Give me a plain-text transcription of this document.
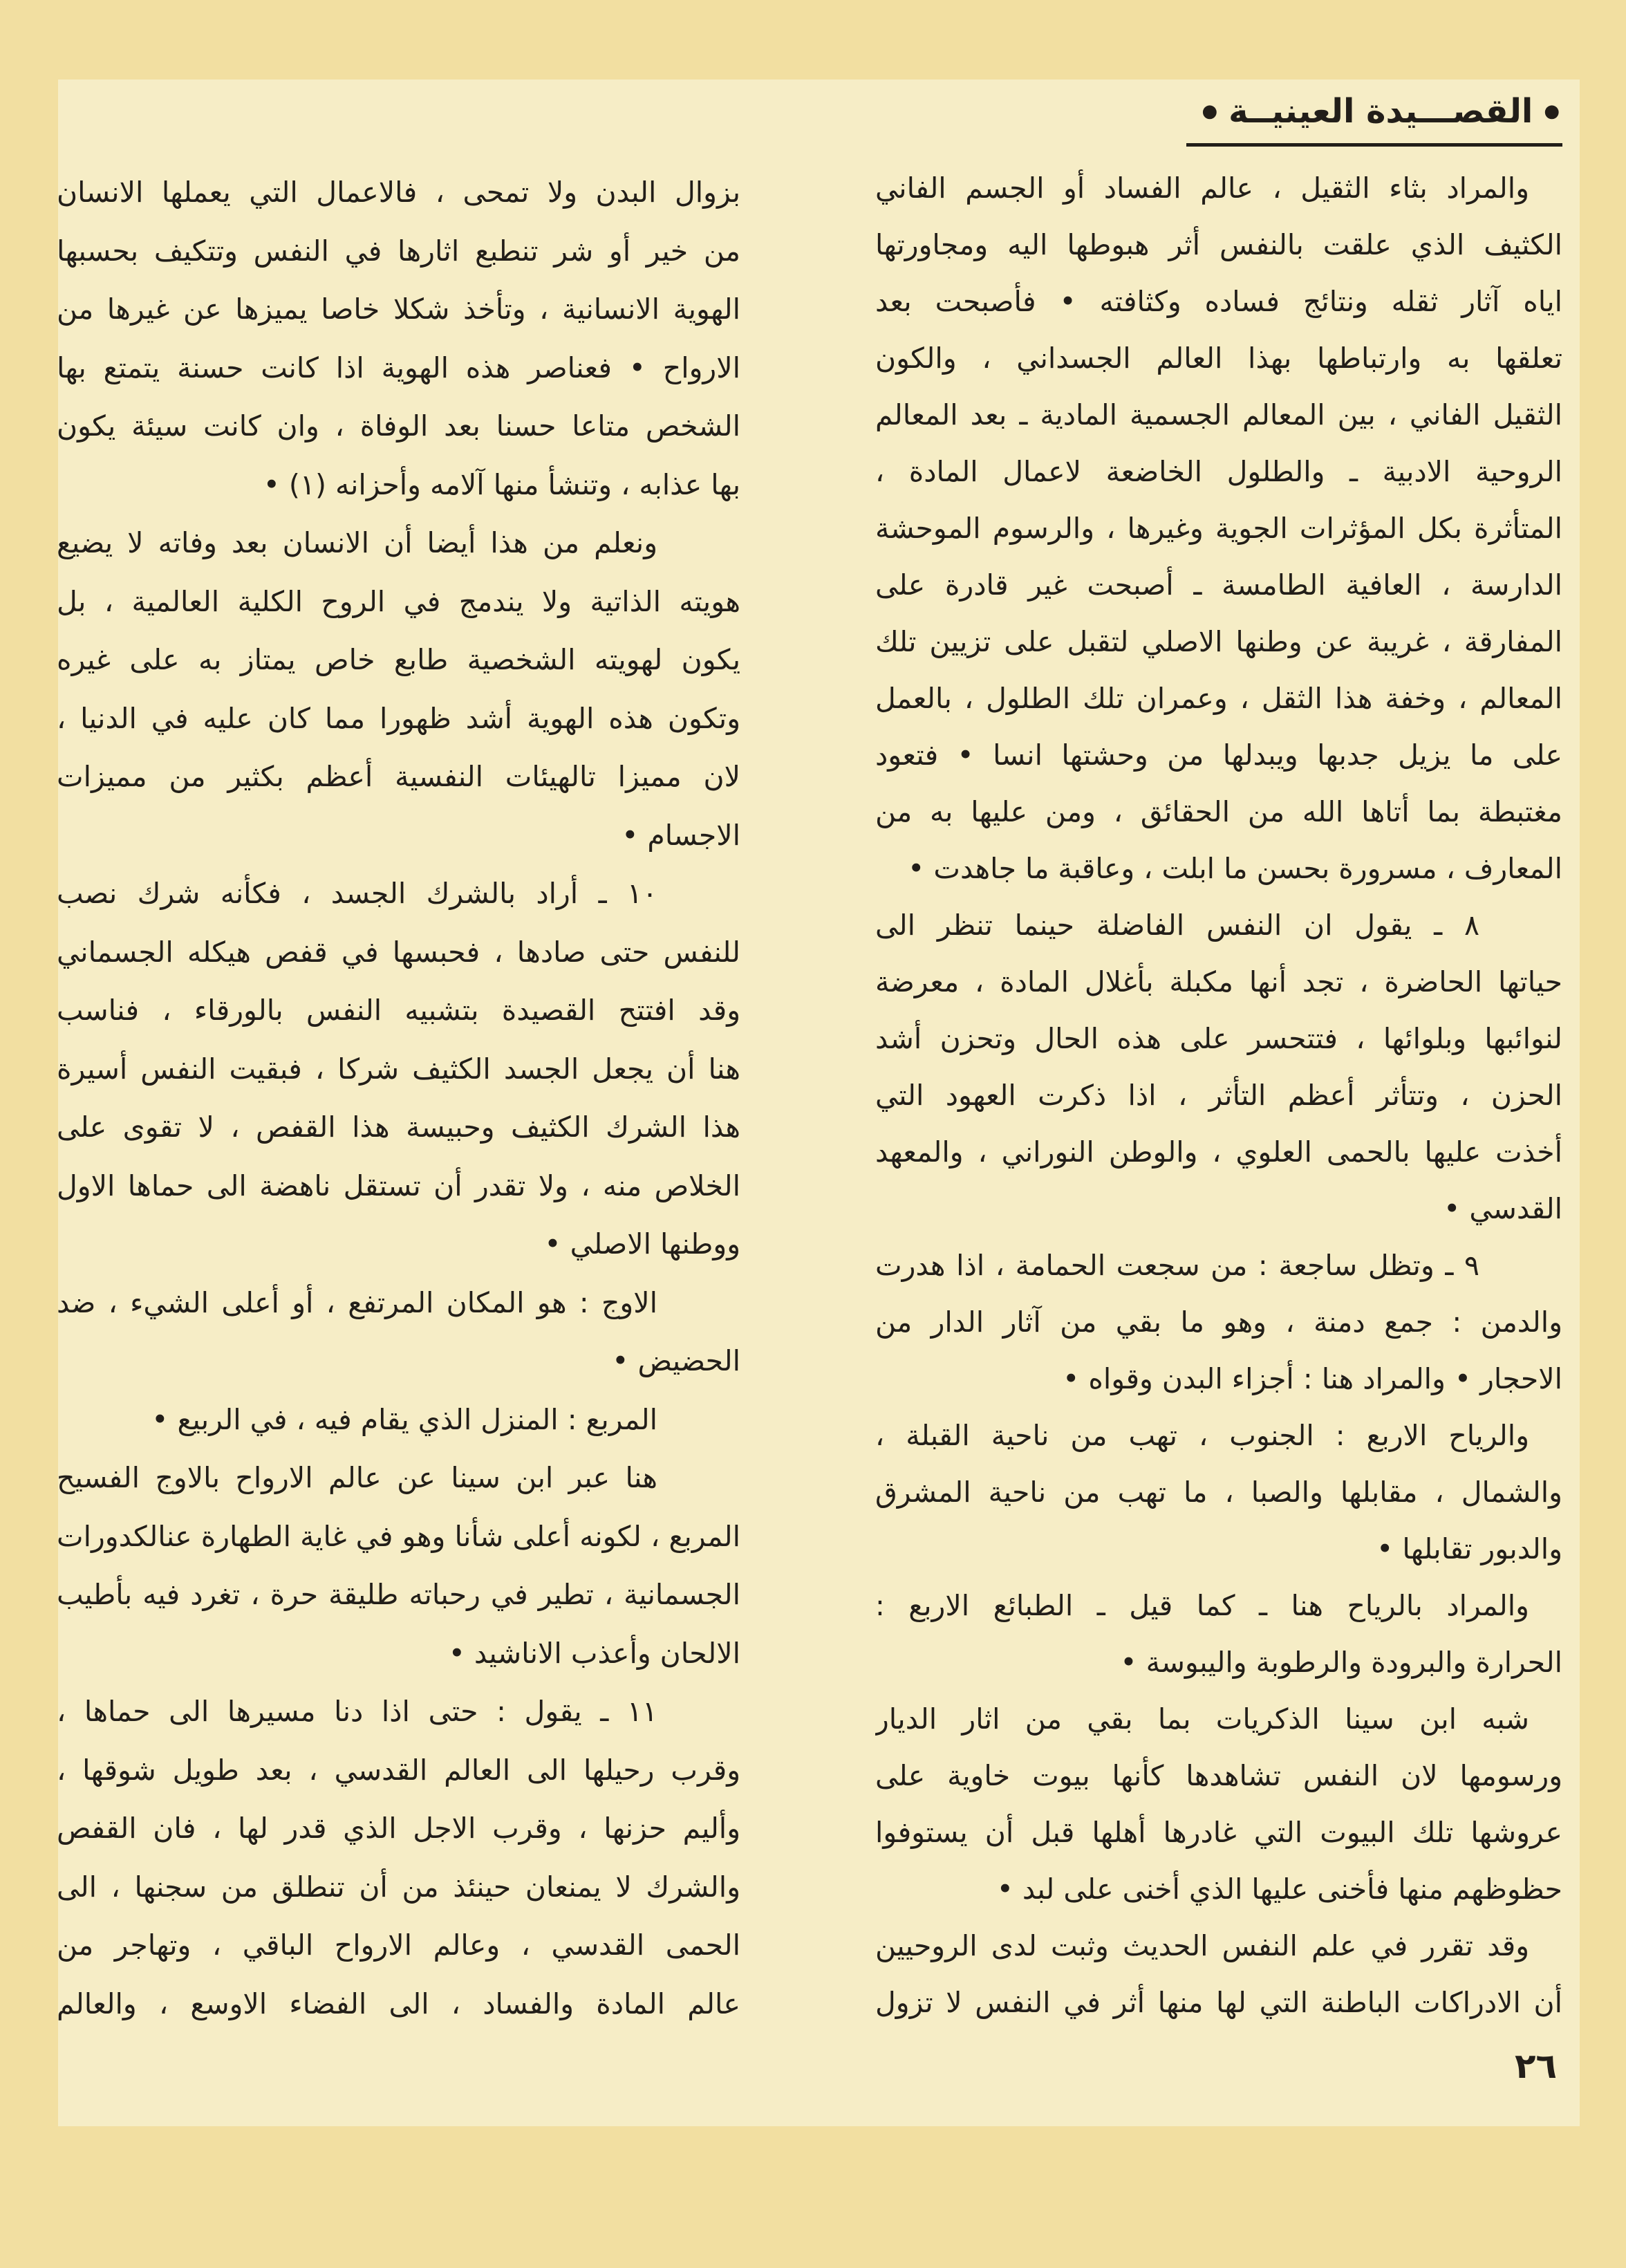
●
القصـــيدة العينيــة
●
والمراد بثاء الثقيل ، عالم الفساد أو الجسم الفاني
الكثيف الذي علقت بالنفس أثر هبوطها اليه ومجاورتها
اياه آثار ثقله ونتائج فساده وكثافته • فأصبحت بعد
تعلقها به وارتباطها بهذا العالم الجسداني ، والكون
الثقيل الفاني ، بين المعالم الجسمية المادية ـ بعد المعالم
الروحية الادبية ـ والطلول الخاضعة لاعمال المادة ،
المتأثرة بكل المؤثرات الجوية وغيرها ، والرسوم الموحشة
الدارسة ، العافية الطامسة ـ أصبحت غير قادرة على
المفارقة ، غريبة عن وطنها الاصلي لتقبل على تزيين تلك
المعالم ، وخفة هذا الثقل ، وعمران تلك الطلول ، بالعمل
على ما يزيل جدبها ويبدلها من وحشتها انسا • فتعود
مغتبطة بما أتاها الله من الحقائق ، ومن عليها به من
المعارف ، مسرورة بحسن ما ابلت ، وعاقبة ما جاهدت •
٨ ـ يقول ان النفس الفاضلة حينما تنظر الى
حياتها الحاضرة ، تجد أنها مكبلة بأغلال المادة ، معرضة
لنوائبها وبلوائها ، فتتحسر على هذه الحال وتحزن أشد
الحزن ، وتتأثر أعظم التأثر ، اذا ذكرت العهود التي
أخذت عليها بالحمى العلوي ، والوطن النوراني ، والمعهد
القدسي •
٩ ـ وتظل ساجعة : من سجعت الحمامة ، اذا هدرت
والدمن : جمع دمنة ، وهو ما بقي من آثار الدار من
الاحجار • والمراد هنا : أجزاء البدن وقواه •
والرياح الاربع : الجنوب ، تهب من ناحية القبلة ،
والشمال ، مقابلها والصبا ، ما تهب من ناحية المشرق
والدبور تقابلها •
والمراد بالرياح هنا ـ كما قيل ـ الطبائع الاربع :
الحرارة والبرودة والرطوبة واليبوسة •
شبه ابن سينا الذكريات بما بقي من اثار الديار
ورسومها لان النفس تشاهدها كأنها بيوت خاوية على
عروشها تلك البيوت التي غادرها أهلها قبل أن يستوفوا
حظوظهم منها فأخنى عليها الذي أخنى على لبد •
وقد تقرر في علم النفس الحديث وثبت لدى الروحيين
أن الادراكات الباطنة التي لها منها أثر في النفس لا تزول
بزوال البدن ولا تمحى ، فالاعمال التي يعملها الانسان
من خير أو شر تنطبع اثارها في النفس وتتكيف بحسبها
الهوية الانسانية ، وتأخذ شكلا خاصا يميزها عن غيرها من
الارواح • فعناصر هذه الهوية اذا كانت حسنة يتمتع بها
الشخص متاعا حسنا بعد الوفاة ، وان كانت سيئة يكون
بها عذابه ، وتنشأ منها آلامه وأحزانه (١) •
ونعلم من هذا أيضا أن الانسان بعد وفاته لا يضيع
هويته الذاتية ولا يندمج في الروح الكلية العالمية ، بل
يكون لهويته الشخصية طابع خاص يمتاز به على غيره
وتكون هذه الهوية أشد ظهورا مما كان عليه في الدنيا ،
لان مميزا تالهيئات النفسية أعظم بكثير من مميزات
الاجسام •
١٠ ـ أراد بالشرك الجسد ، فكأنه شرك نصب
للنفس حتى صادها ، فحبسها في قفص هيكله الجسماني
وقد افتتح القصيدة بتشبيه النفس بالورقاء ، فناسب
هنا أن يجعل الجسد الكثيف شركا ، فبقيت النفس أسيرة
هذا الشرك الكثيف وحبيسة هذا القفص ، لا تقوى على
الخلاص منه ، ولا تقدر أن تستقل ناهضة الى حماها الاول
ووطنها الاصلي •
الاوج : هو المكان المرتفع ، أو أعلى الشيء ، ضد
الحضيض •
المربع : المنزل الذي يقام فيه ، في الربيع •
هنا عبر ابن سينا عن عالم الارواح بالاوج الفسيح
المربع ، لكونه أعلى شأنا وهو في غاية الطهارة عنالكدورات
الجسمانية ، تطير في رحباته طليقة حرة ، تغرد فيه بأطيب
الالحان وأعذب الاناشيد •
١١ ـ يقول : حتى اذا دنا مسيرها الى حماها ،
وقرب رحيلها الى العالم القدسي ، بعد طويل شوقها ،
وأليم حزنها ، وقرب الاجل الذي قدر لها ، فان القفص
والشرك لا يمنعان حينئذ من أن تنطلق من سجنها ، الى
الحمى القدسي ، وعالم الارواح الباقي ، وتهاجر من
عالم المادة والفساد ، الى الفضاء الاوسع ، والعالم
٢٦
